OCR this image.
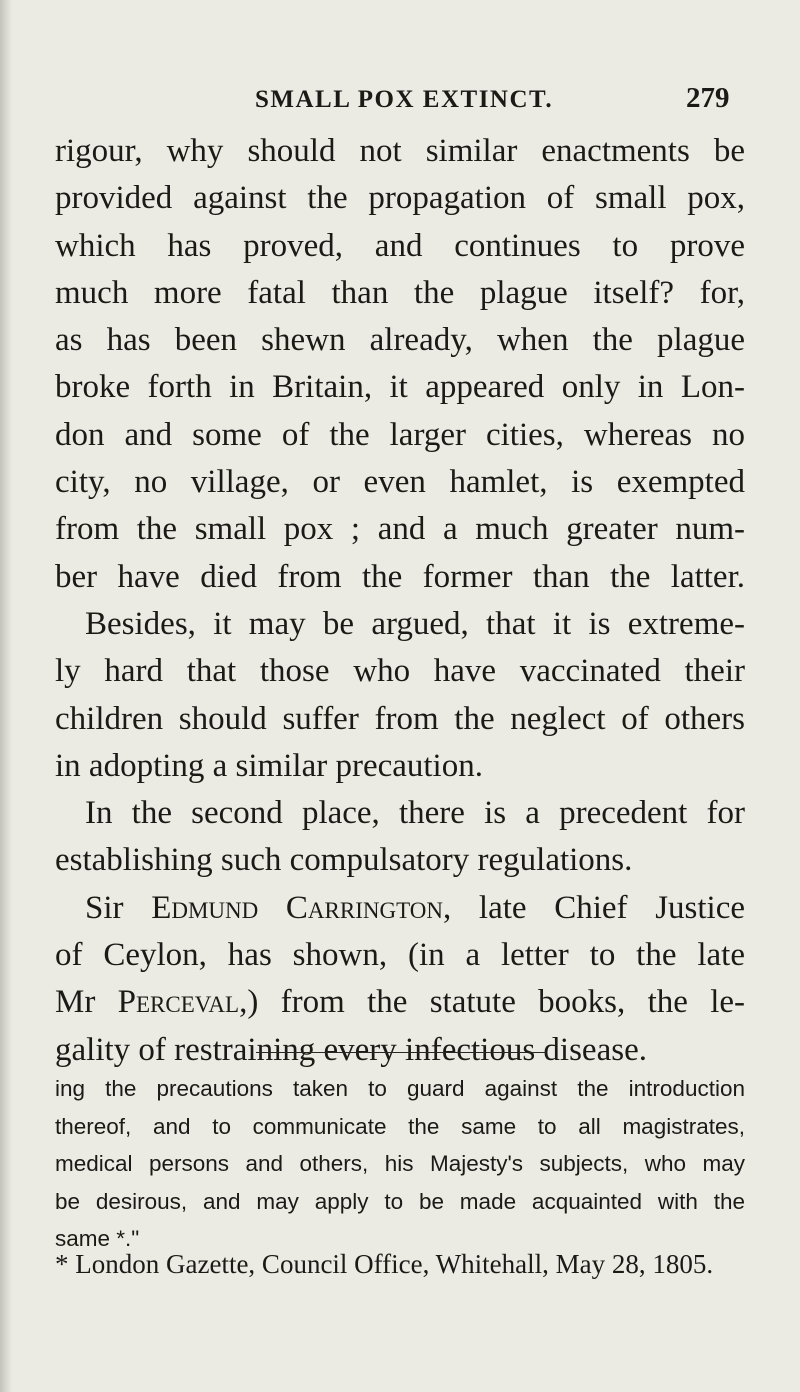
SMALL POX EXTINCT.	279
rigour, why should not similar enactments be
provided against the propagation of small pox,
which has proved, and continues to prove
much more fatal than the plague itself? for,
as has been shewn already, when the plague
broke forth in Britain, it appeared only in Lon-
don and some of the larger cities, whereas no
city, no village, or even hamlet, is exempted
from the small pox ; and a much greater num-
ber have died from the former than the latter.
Besides, it may be argued, that it is extreme-
ly hard that those who have vaccinated their
children should suffer from the neglect of others
in adopting a similar precaution.
In the second place, there is a precedent for
establishing such compulsatory regulations.
Sir Edmund Carrington, late Chief Justice
of Ceylon, has shown, (in a letter to the late
Mr Perceval,) from the statute books, the le-
gality of restraining every infectious disease.
ing the precautions taken to guard against the introduction
thereof, and to communicate the same to all magistrates,
medical persons and others, his Majesty's subjects, who may
be desirous, and may apply to be made acquainted with the
same *."
* London Gazette, Council Office, Whitehall, May 28, 1805.
